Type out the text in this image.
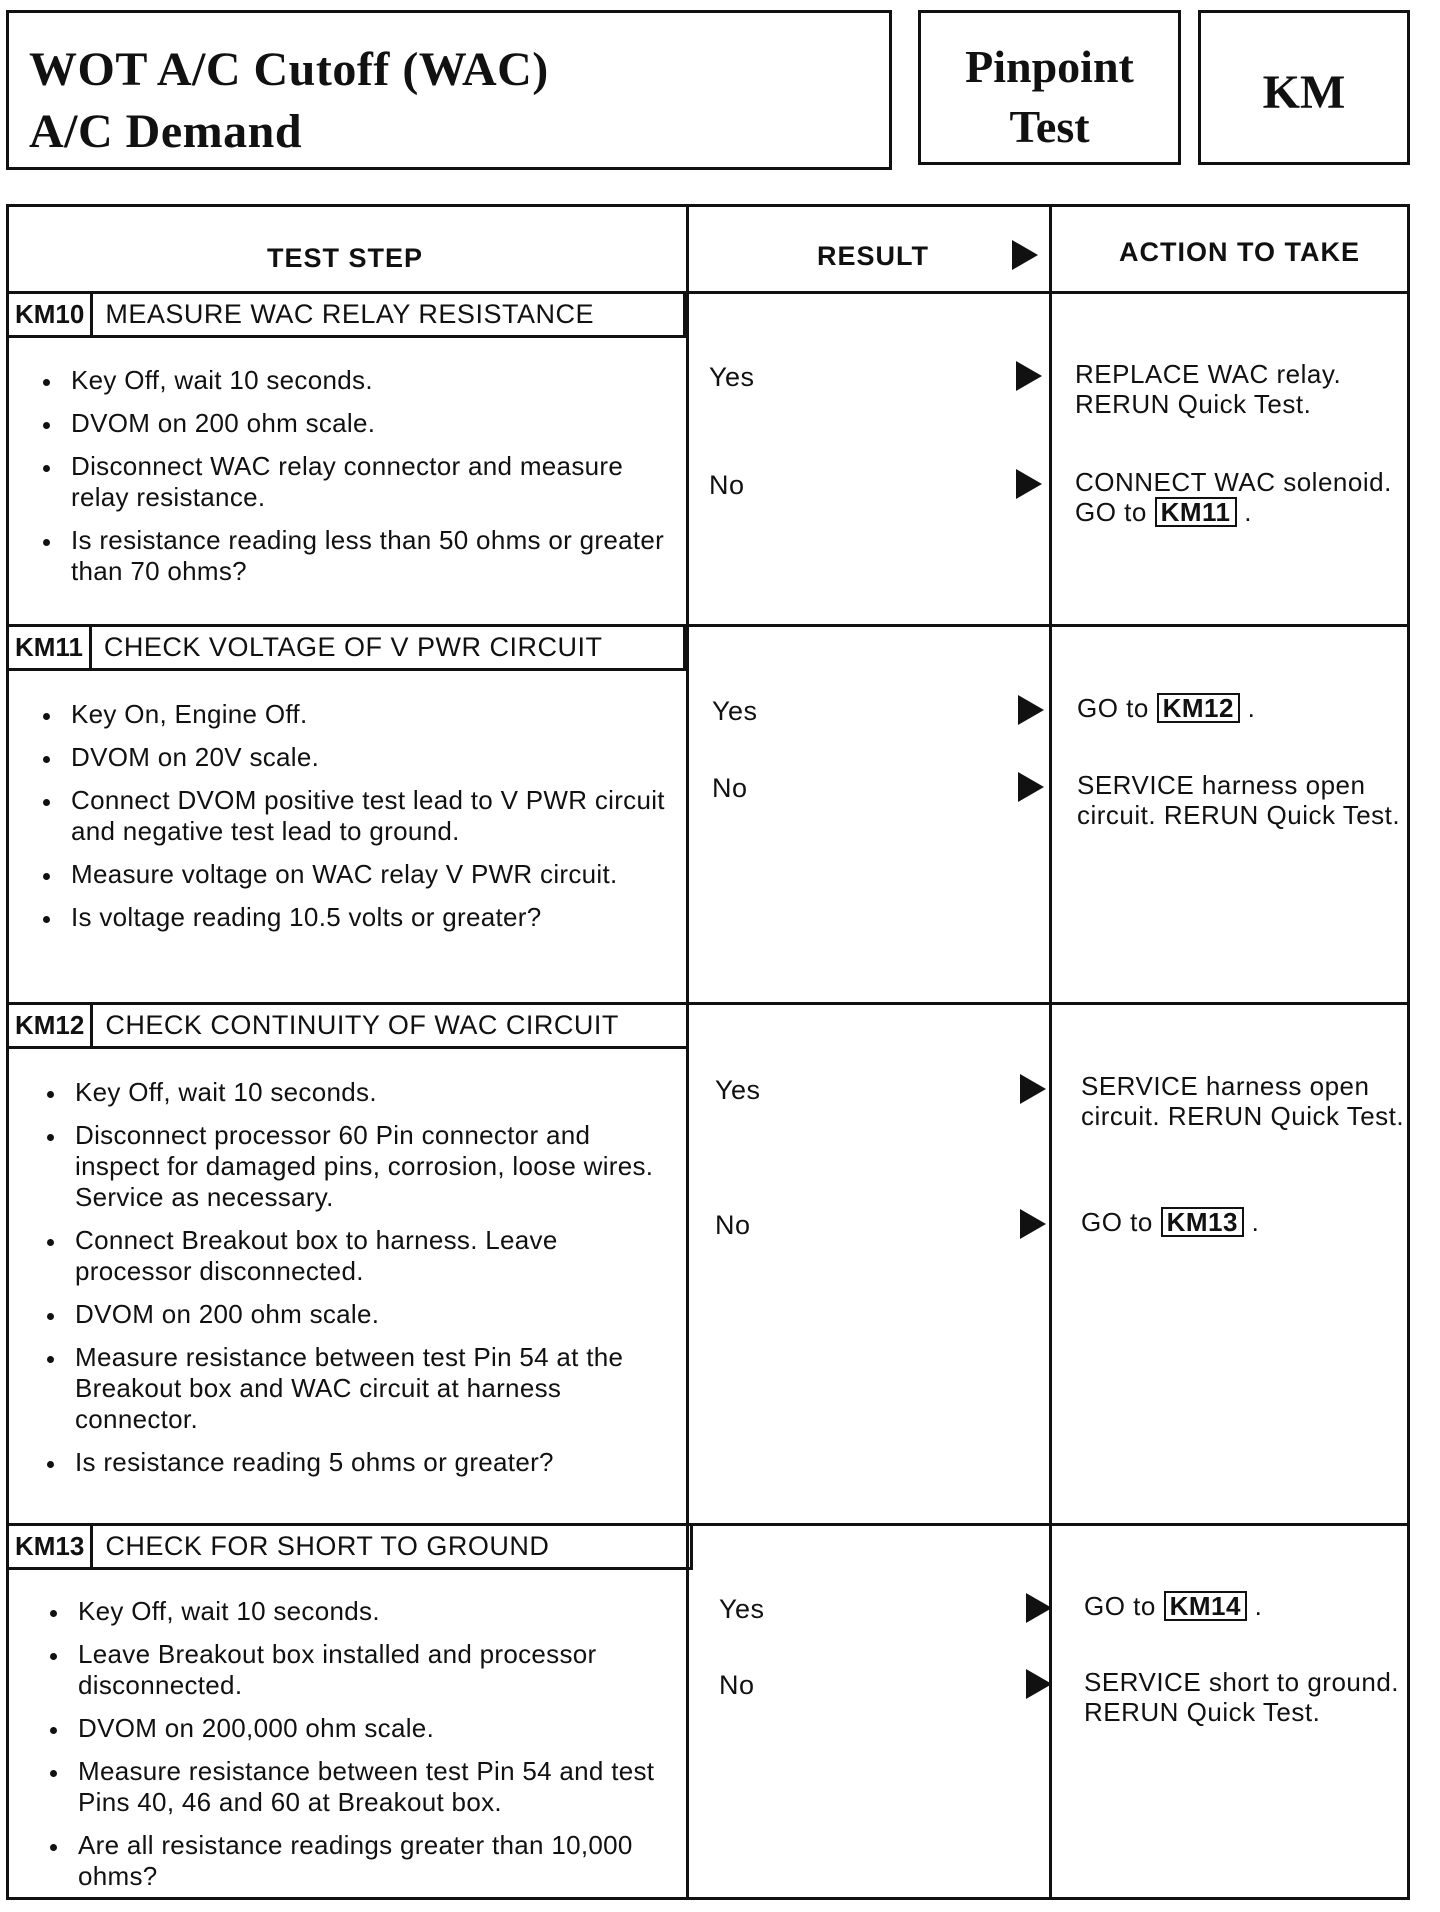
WOT A/C Cutoff (WAC)
A/C Demand
Pinpoint
Test
KM
TEST STEP	RESULT	ACTION TO TAKE
KM10 MEASURE WAC RELAY RESISTANCE
Key Off, wait 10 seconds.
DVOM on 200 ohm scale.
Disconnect WAC relay connector and measure relay resistance.
Is resistance reading less than 50 ohms or greater than 70 ohms?
Yes	REPLACE WAC relay. RERUN Quick Test.
No	CONNECT WAC solenoid. GO to KM11 .
KM11 CHECK VOLTAGE OF V PWR CIRCUIT
Key On, Engine Off.
DVOM on 20V scale.
Connect DVOM positive test lead to V PWR circuit and negative test lead to ground.
Measure voltage on WAC relay V PWR circuit.
Is voltage reading 10.5 volts or greater?
Yes	GO to KM12 .
No	SERVICE harness open circuit. RERUN Quick Test.
KM12 CHECK CONTINUITY OF WAC CIRCUIT
Key Off, wait 10 seconds.
Disconnect processor 60 Pin connector and inspect for damaged pins, corrosion, loose wires. Service as necessary.
Connect Breakout box to harness. Leave processor disconnected.
DVOM on 200 ohm scale.
Measure resistance between test Pin 54 at the Breakout box and WAC circuit at harness connector.
Is resistance reading 5 ohms or greater?
Yes	SERVICE harness open circuit. RERUN Quick Test.
No	GO to KM13 .
KM13 CHECK FOR SHORT TO GROUND
Key Off, wait 10 seconds.
Leave Breakout box installed and processor disconnected.
DVOM on 200,000 ohm scale.
Measure resistance between test Pin 54 and test Pins 40, 46 and 60 at Breakout box.
Are all resistance readings greater than 10,000 ohms?
Yes	GO to KM14 .
No	SERVICE short to ground. RERUN Quick Test.
